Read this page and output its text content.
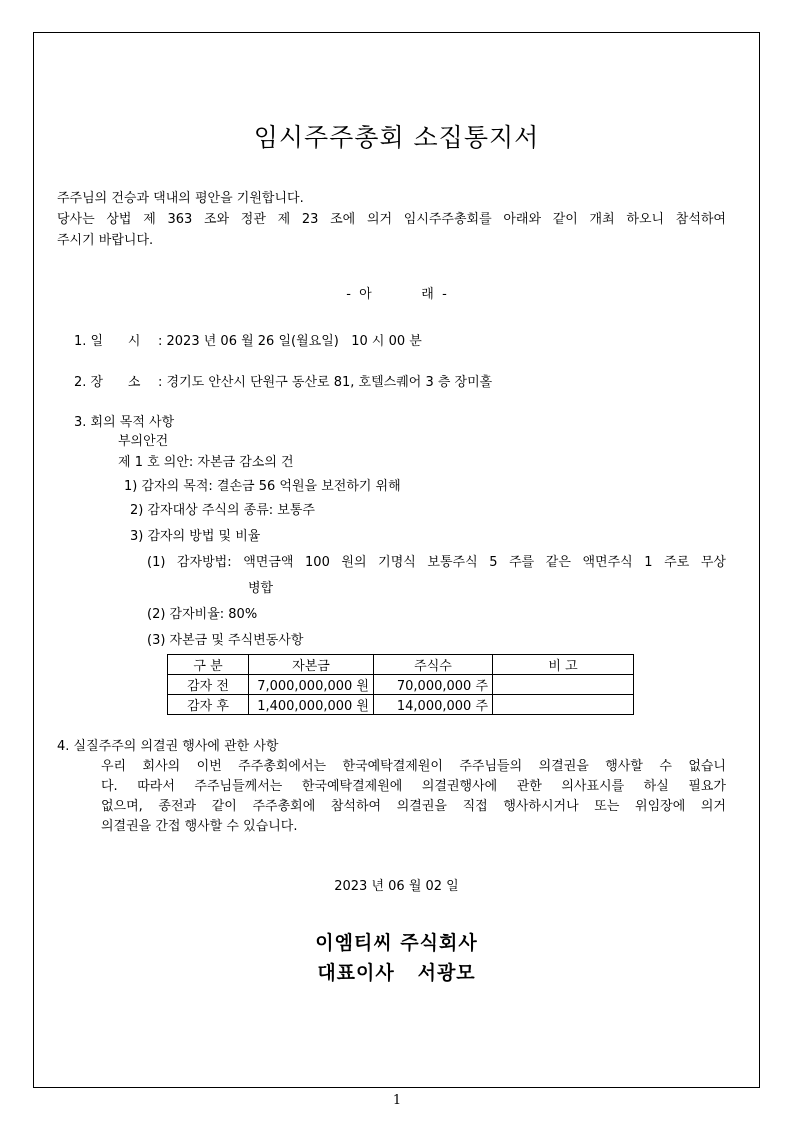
임시주주총회 소집통지서
주주님의 건승과 댁내의 평안을 기원합니다.
당사는 상법 제 363 조와 정관 제 23 조에 의거 임시주주총회를 아래와 같이 개최 하오니 참석하여
주시기 바랍니다.
-  아            래  -
1. 일      시 : 2023 년 06 월 26 일(월요일)   10 시 00 분
2. 장      소 : 경기도 안산시 단원구 동산로 81, 호텔스퀘어 3 층 장미홀
3. 회의 목적 사항
부의안건
제 1 호 의안: 자본금 감소의 건
1) 감자의 목적: 결손금 56 억원을 보전하기 위해
2) 감자대상 주식의 종류: 보통주
3) 감자의 방법 및 비율
(1) 감자방법: 액면금액 100 원의 기명식 보통주식 5 주를 같은 액면주식 1 주로 무상
병합
(2) 감자비율: 80%
(3) 자본금 및 주식변동사항
구 분	자본금	주식수	비 고
감자 전	7,000,000,000 원	70,000,000 주	
감자 후	1,400,000,000 원	14,000,000 주	
4. 실질주주의 의결권 행사에 관한 사항
우리 회사의 이번 주주총회에서는 한국예탁결제원이 주주님들의 의결권을 행사할 수 없습니
다. 따라서 주주님들께서는 한국예탁결제원에 의결권행사에 관한 의사표시를 하실 필요가
없으며, 종전과 같이 주주총회에 참석하여 의결권을 직접 행사하시거나 또는 위임장에 의거
의결권을 간접 행사할 수 있습니다.
2023 년 06 월 02 일
이엠티씨 주식회사
대표이사   서광모
1
